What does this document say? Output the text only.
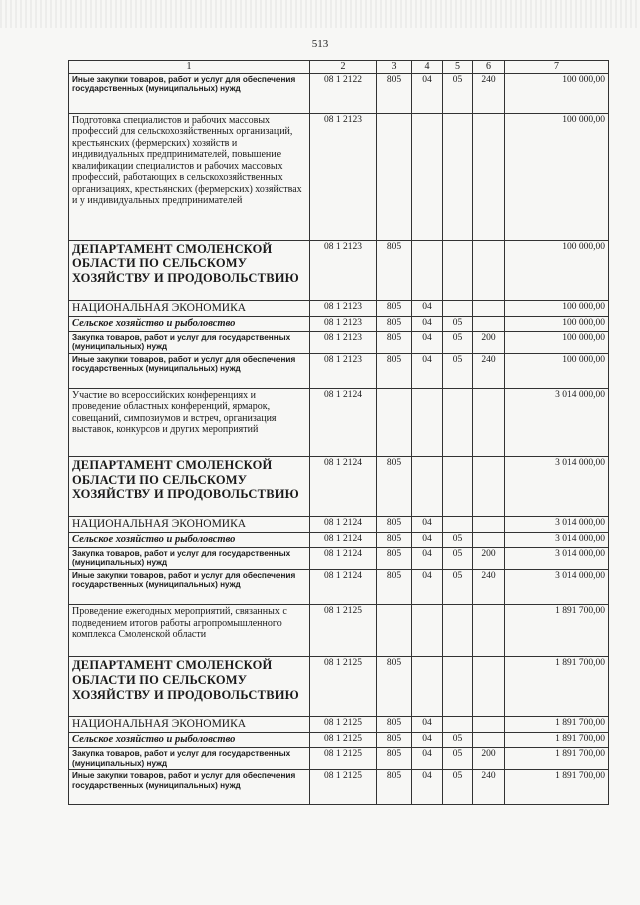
513
1	2	3	4	5	6	7
Иные закупки товаров, работ и услуг для обеспечения государственных (муниципальных) нужд	08 1 2122	805	04	05	240	100 000,00
Подготовка специалистов и рабочих массовых профессий для сельскохозяйственных организаций, крестьянских (фермерских) хозяйств и индивидуальных предпринимателей, повышение квалификации специалистов и рабочих массовых профессий, работающих в сельскохозяйственных организациях, крестьянских (фермерских) хозяйствах и у индивидуальных предпринимателей	08 1 2123					100 000,00
ДЕПАРТАМЕНТ СМОЛЕНСКОЙ ОБЛАСТИ ПО СЕЛЬСКОМУ ХОЗЯЙСТВУ И ПРОДОВОЛЬСТВИЮ	08 1 2123	805				100 000,00
НАЦИОНАЛЬНАЯ ЭКОНОМИКА	08 1 2123	805	04			100 000,00
Сельское хозяйство и рыболовство	08 1 2123	805	04	05		100 000,00
Закупка товаров, работ и услуг для государственных (муниципальных) нужд	08 1 2123	805	04	05	200	100 000,00
Иные закупки товаров, работ и услуг для обеспечения государственных (муниципальных) нужд	08 1 2123	805	04	05	240	100 000,00
Участие во всероссийских конференциях и проведение областных конференций, ярмарок, совещаний, симпозиумов и встреч, организация выставок, конкурсов и других мероприятий	08 1 2124					3 014 000,00
ДЕПАРТАМЕНТ СМОЛЕНСКОЙ ОБЛАСТИ ПО СЕЛЬСКОМУ ХОЗЯЙСТВУ И ПРОДОВОЛЬСТВИЮ	08 1 2124	805				3 014 000,00
НАЦИОНАЛЬНАЯ ЭКОНОМИКА	08 1 2124	805	04			3 014 000,00
Сельское хозяйство и рыболовство	08 1 2124	805	04	05		3 014 000,00
Закупка товаров, работ и услуг для государственных (муниципальных) нужд	08 1 2124	805	04	05	200	3 014 000,00
Иные закупки товаров, работ и услуг для обеспечения государственных (муниципальных) нужд	08 1 2124	805	04	05	240	3 014 000,00
Проведение ежегодных мероприятий, связанных с подведением итогов работы агропромышленного комплекса Смоленской области	08 1 2125					1 891 700,00
ДЕПАРТАМЕНТ СМОЛЕНСКОЙ ОБЛАСТИ ПО СЕЛЬСКОМУ ХОЗЯЙСТВУ И ПРОДОВОЛЬСТВИЮ	08 1 2125	805				1 891 700,00
НАЦИОНАЛЬНАЯ ЭКОНОМИКА	08 1 2125	805	04			1 891 700,00
Сельское хозяйство и рыболовство	08 1 2125	805	04	05		1 891 700,00
Закупка товаров, работ и услуг для государственных (муниципальных) нужд	08 1 2125	805	04	05	200	1 891 700,00
Иные закупки товаров, работ и услуг для обеспечения государственных (муниципальных) нужд	08 1 2125	805	04	05	240	1 891 700,00
